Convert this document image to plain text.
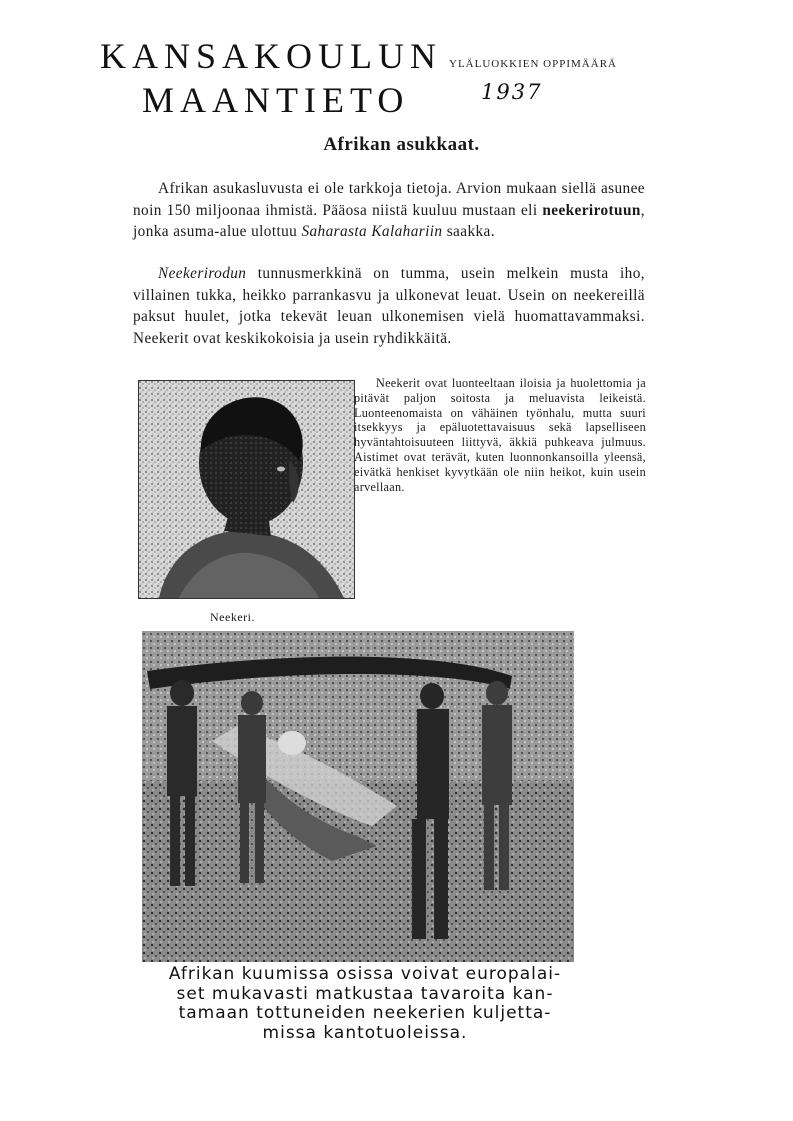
KANSAKOULUN
MAANTIETO
YLÄLUOKKIEN OPPIMÄÄRÄ
1937
Afrikan asukkaat.

Afrikan asukasluvusta ei ole tarkkoja tietoja. Arvion mukaan siellä asunee noin 150 miljoonaa ihmistä. Pääosa niistä kuuluu mustaan eli neekerirotuun, jonka asuma-alue ulottuu Saharasta Kalahariin saakka.

Neekerirodun tunnusmerkkinä on tumma, usein melkein musta iho, villainen tukka, heikko parrankasvu ja ulkonevat leuat. Usein on neekereillä paksut huulet, jotka tekevät leuan ulkonemisen vielä huomattavammaksi. Neekerit ovat keskikokoisia ja usein ryhdikkäitä.

Neekeri.

Neekerit ovat luonteeltaan iloisia ja huolettomia ja pitävät paljon soitosta ja meluavista leikeistä. Luonteenomaista on vähäinen työnhalu, mutta suuri itsekkyys ja epäluotettavaisuus sekä lapselliseen hyväntahtoisuuteen liittyvä, äkkiä puhkeava julmuus. Aistimet ovat terävät, kuten luonnonkansoilla yleensä, eivätkä henkiset kyvytkään ole niin heikot, kuin usein arvellaan.

Afrikan kuumissa osissa voivat europalai-
set mukavasti matkustaa tavaroita kan-
tamaan tottuneiden neekerien kuljetta-
missa kantotuoleissa.
